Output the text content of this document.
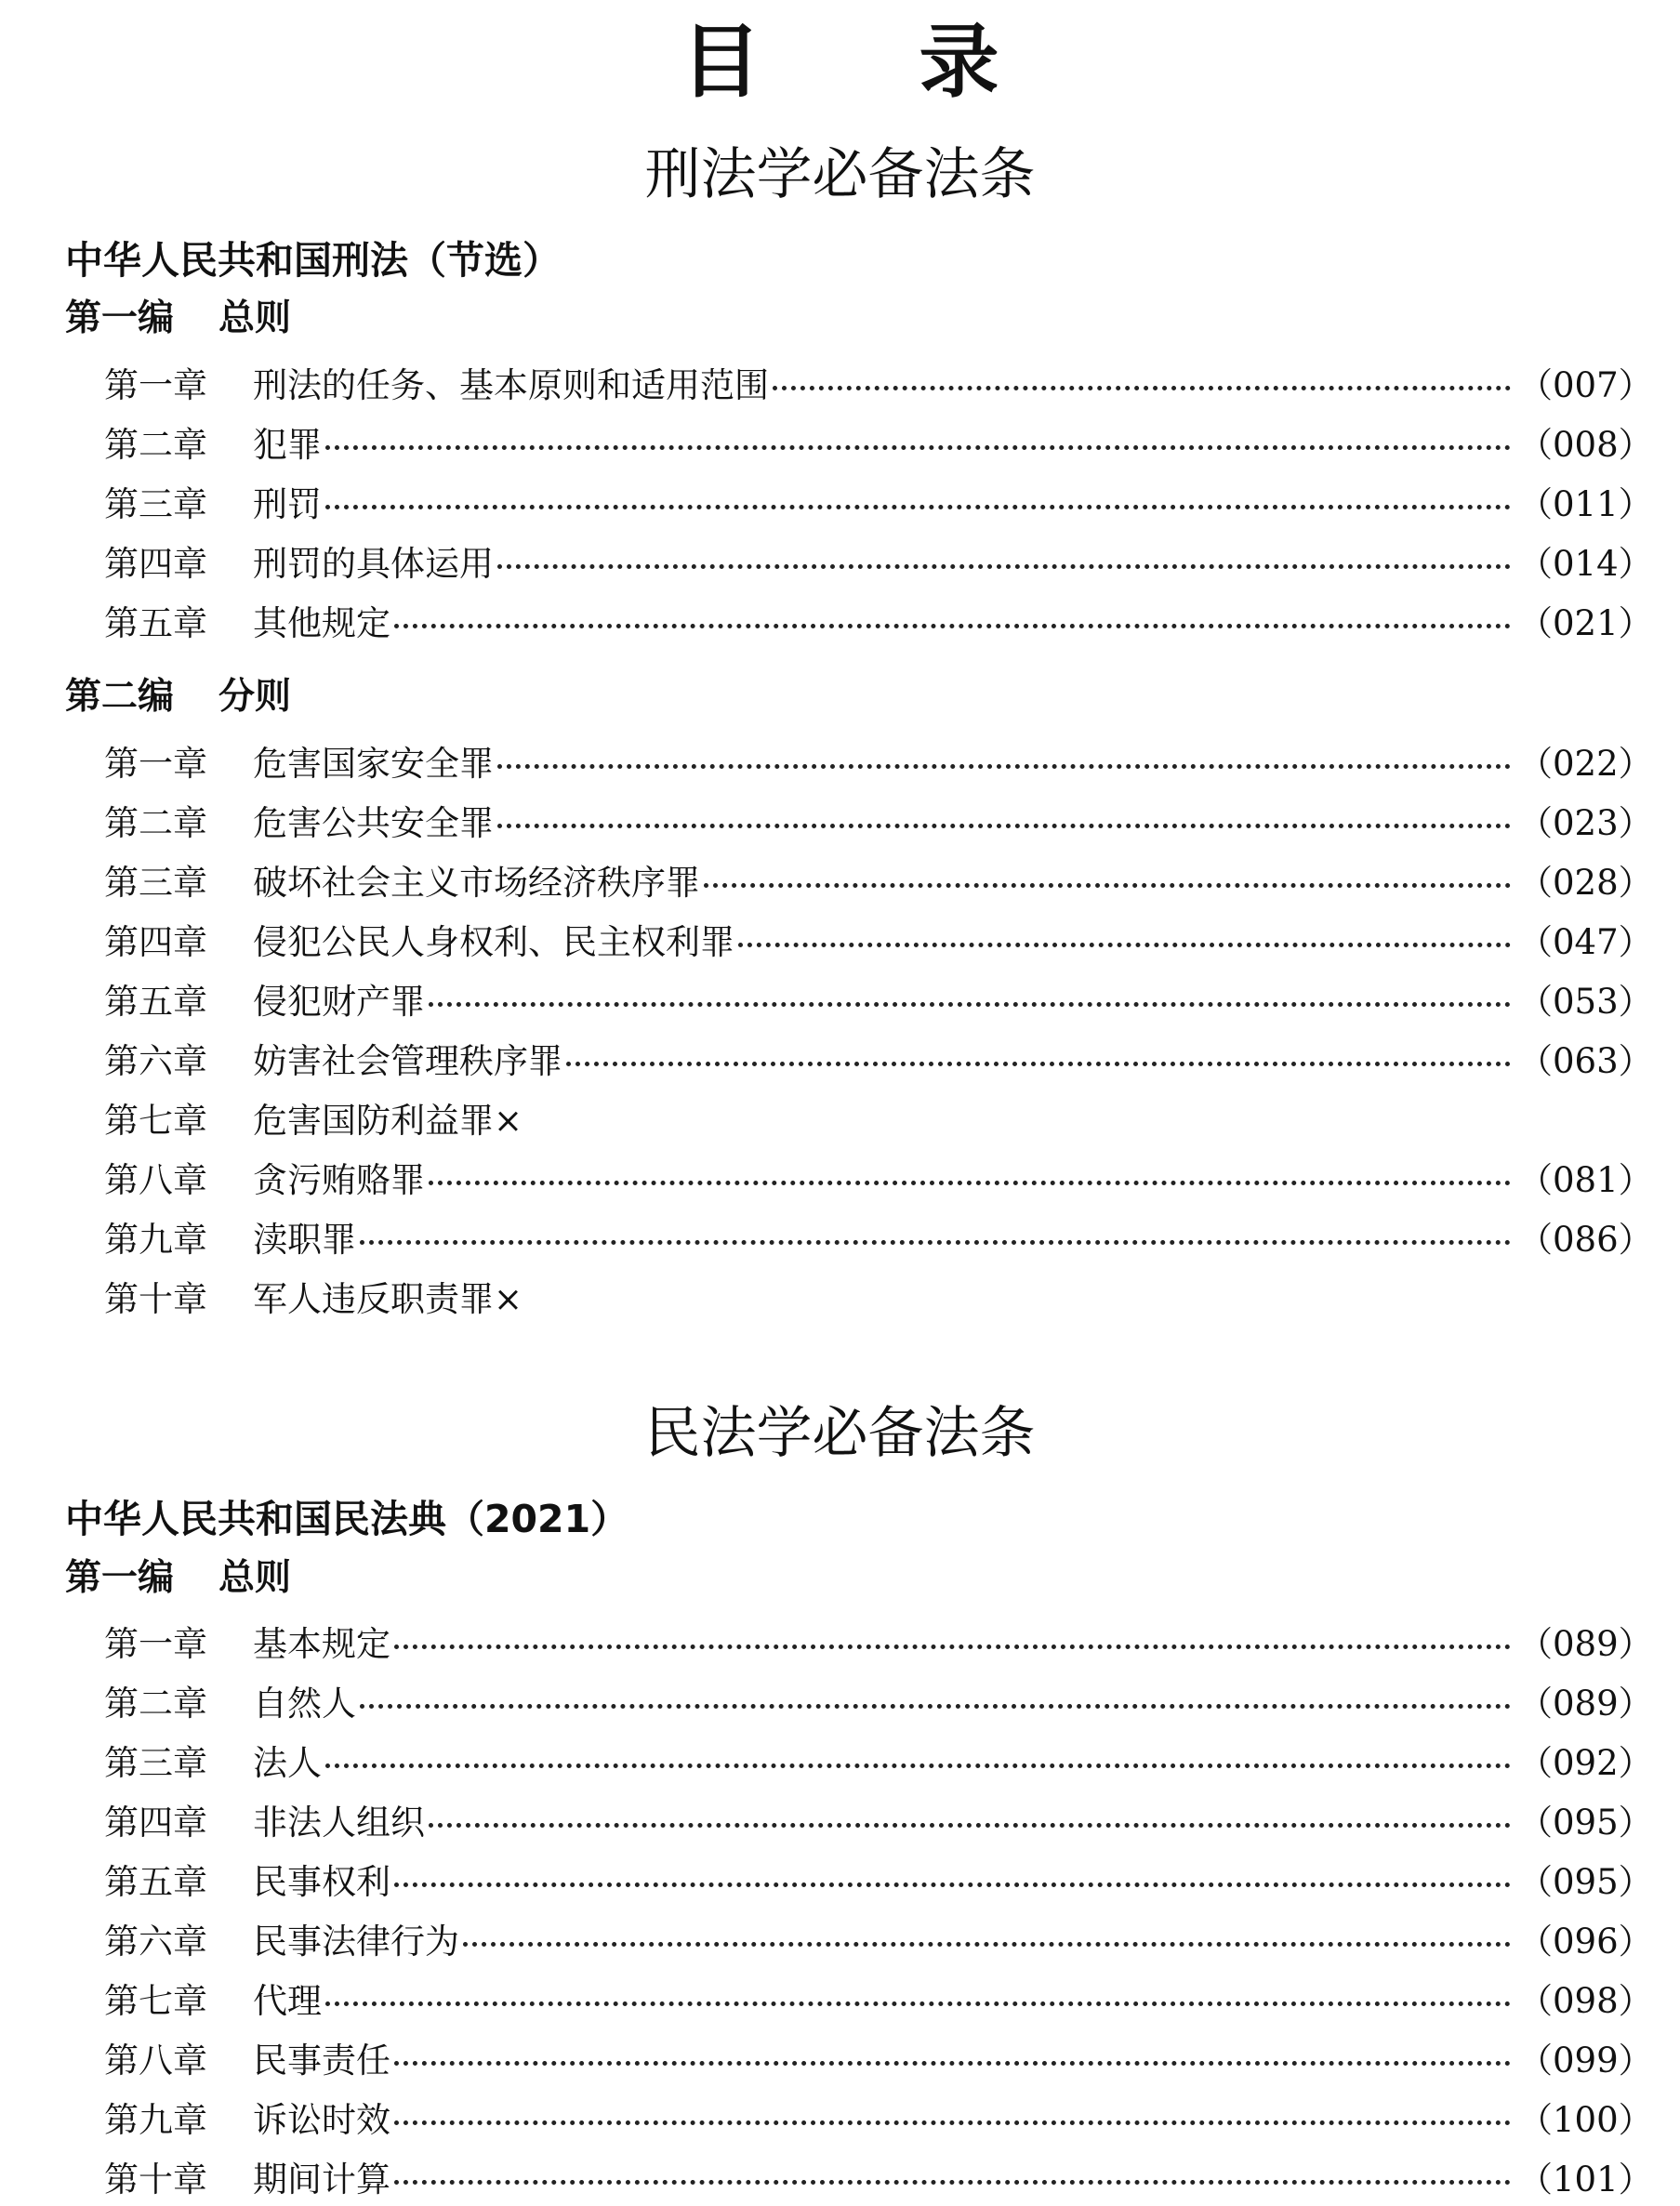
目 录
刑法学必备法条
中华人民共和国刑法（节选）
第一编 总则
第一章	刑法的任务、基本原则和适用范围	（007）
第二章	犯罪	（008）
第三章	刑罚	（011）
第四章	刑罚的具体运用	（014）
第五章	其他规定	（021）
第二编 分则
第一章	危害国家安全罪	（022）
第二章	危害公共安全罪	（023）
第三章	破坏社会主义市场经济秩序罪	（028）
第四章	侵犯公民人身权利、民主权利罪	（047）
第五章	侵犯财产罪	（053）
第六章	妨害社会管理秩序罪	（063）
第七章	危害国防利益罪×
第八章	贪污贿赂罪	（081）
第九章	渎职罪	（086）
第十章	军人违反职责罪×
民法学必备法条
中华人民共和国民法典（2021）
第一编 总则
第一章	基本规定	（089）
第二章	自然人	（089）
第三章	法人	（092）
第四章	非法人组织	（095）
第五章	民事权利	（095）
第六章	民事法律行为	（096）
第七章	代理	（098）
第八章	民事责任	（099）
第九章	诉讼时效	（100）
第十章	期间计算	（101）
